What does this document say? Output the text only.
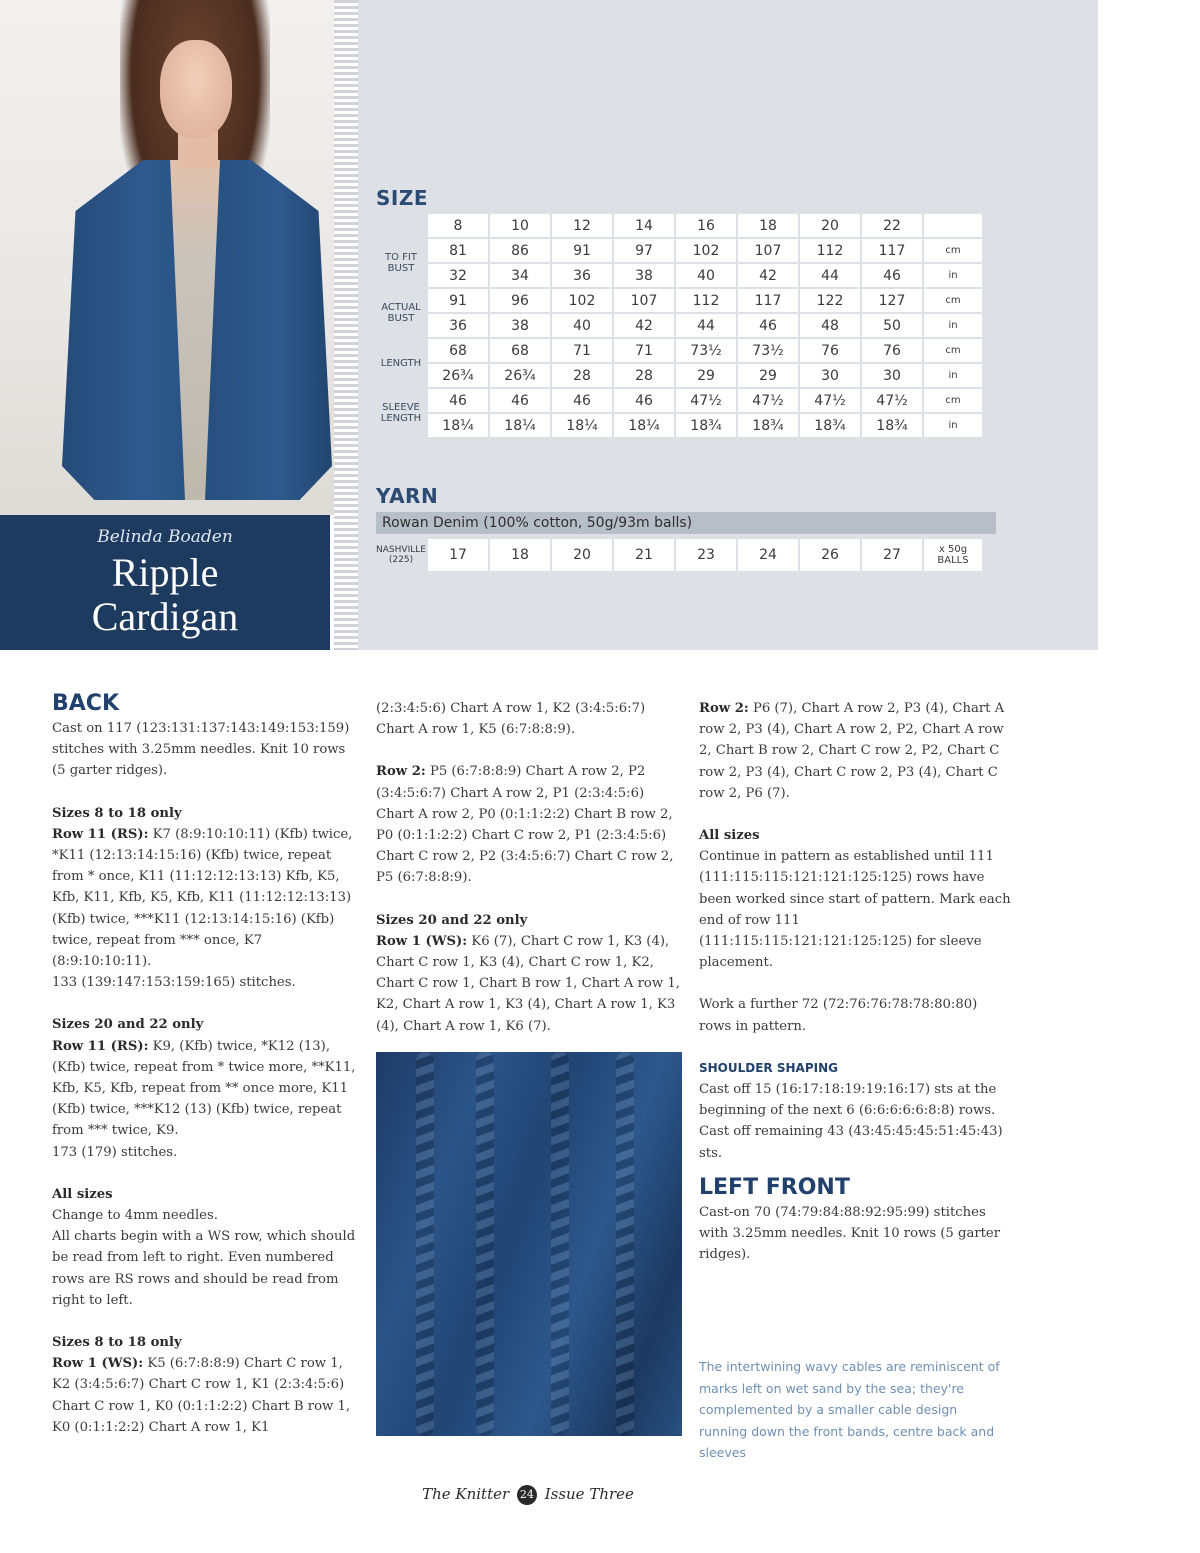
Belinda Boaden
Ripple
Cardigan
SIZE
	8	10	12	14	16	18	20	22	
TO FIT BUST	81	86	91	97	102	107	112	117	cm
	32	34	36	38	40	42	44	46	in
ACTUAL BUST	91	96	102	107	112	117	122	127	cm
	36	38	40	42	44	46	48	50	in
LENGTH	68	68	71	71	73½	73½	76	76	cm
	26¾	26¾	28	28	29	29	30	30	in
SLEEVE LENGTH	46	46	46	46	47½	47½	47½	47½	cm
	18¼	18¼	18¼	18¼	18¾	18¾	18¾	18¾	in
YARN
Rowan Denim (100% cotton, 50g/93m balls)
NASHVILLE (225)	17	18	20	21	23	24	26	27	x 50g BALLS
BACK

Cast on 117 (123:131:137:143:149:153:159) stitches with 3.25mm needles. Knit 10 rows (5 garter ridges).

Sizes 8 to 18 only

Row 11 (RS): K7 (8:9:10:10:11) (Kfb) twice, *K11 (12:13:14:15:16) (Kfb) twice, repeat from * once, K11 (11:12:12:13:13) Kfb, K5, Kfb, K11, Kfb, K5, Kfb, K11 (11:12:12:13:13) (Kfb) twice, ***K11 (12:13:14:15:16) (Kfb) twice, repeat from *** once, K7 (8:9:10:10:11).

133 (139:147:153:159:165) stitches.

Sizes 20 and 22 only

Row 11 (RS): K9, (Kfb) twice, *K12 (13), (Kfb) twice, repeat from * twice more, **K11, Kfb, K5, Kfb, repeat from ** once more, K11 (Kfb) twice, ***K12 (13) (Kfb) twice, repeat from *** twice, K9.

173 (179) stitches.

All sizes

Change to 4mm needles.

All charts begin with a WS row, which should be read from left to right. Even numbered rows are RS rows and should be read from right to left.

Sizes 8 to 18 only

Row 1 (WS): K5 (6:7:8:8:9) Chart C row 1, K2 (3:4:5:6:7) Chart C row 1, K1 (2:3:4:5:6) Chart C row 1, K0 (0:1:1:2:2) Chart B row 1, K0 (0:1:1:2:2) Chart A row 1, K1

(2:3:4:5:6) Chart A row 1, K2 (3:4:5:6:7) Chart A row 1, K5 (6:7:8:8:9).

Row 2: P5 (6:7:8:8:9) Chart A row 2, P2 (3:4:5:6:7) Chart A row 2, P1 (2:3:4:5:6) Chart A row 2, P0 (0:1:1:2:2) Chart B row 2, P0 (0:1:1:2:2) Chart C row 2, P1 (2:3:4:5:6) Chart C row 2, P2 (3:4:5:6:7) Chart C row 2, P5 (6:7:8:8:9).

Sizes 20 and 22 only

Row 1 (WS): K6 (7), Chart C row 1, K3 (4), Chart C row 1, K3 (4), Chart C row 1, K2, Chart C row 1, Chart B row 1, Chart A row 1, K2, Chart A row 1, K3 (4), Chart A row 1, K3 (4), Chart A row 1, K6 (7).

Row 2: P6 (7), Chart A row 2, P3 (4), Chart A row 2, P3 (4), Chart A row 2, P2, Chart A row 2, Chart B row 2, Chart C row 2, P2, Chart C row 2, P3 (4), Chart C row 2, P3 (4), Chart C row 2, P6 (7).

All sizes

Continue in pattern as established until 111 (111:115:115:121:121:125:125) rows have been worked since start of pattern. Mark each end of row 111 (111:115:115:121:121:125:125) for sleeve placement.

Work a further 72 (72:76:76:78:78:80:80) rows in pattern.

SHOULDER SHAPING

Cast off 15 (16:17:18:19:19:16:17) sts at the beginning of the next 6 (6:6:6:6:6:8:8) rows.

Cast off remaining 43 (43:45:45:45:51:45:43) sts.

LEFT FRONT

Cast-on 70 (74:79:84:88:92:95:99) stitches with 3.25mm needles. Knit 10 rows (5 garter ridges).

The intertwining wavy cables are reminiscent of marks left on wet sand by the sea; they're complemented by a smaller cable design running down the front bands, centre back and sleeves
The Knitter 24 Issue Three
